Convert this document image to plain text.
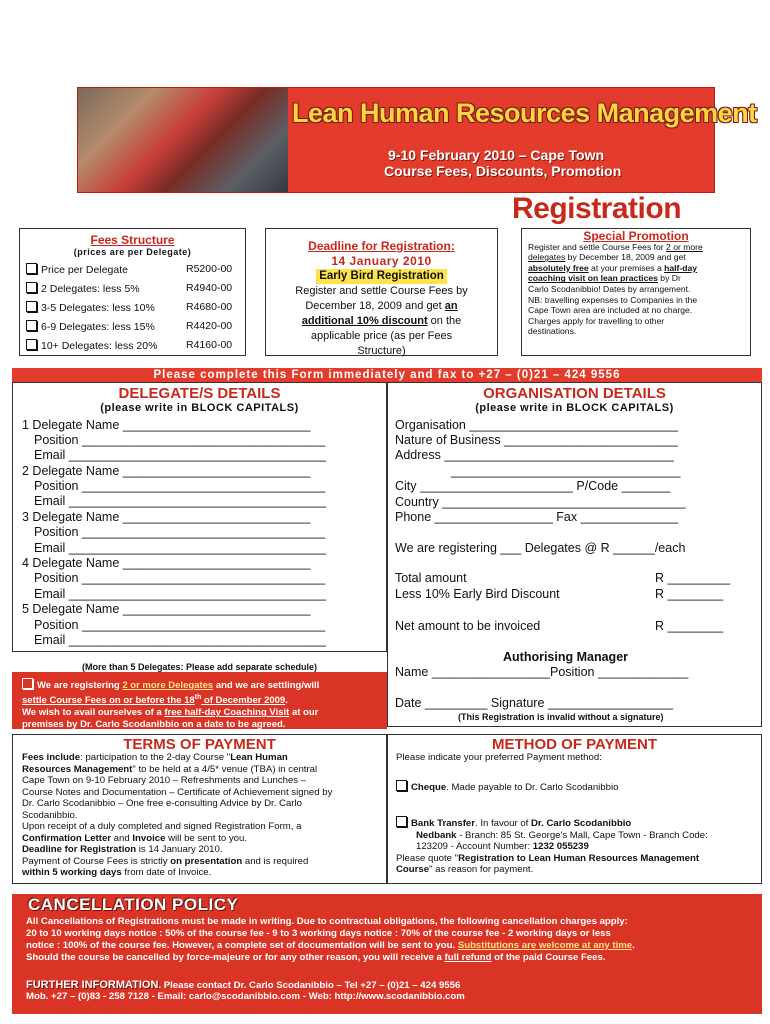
Lean Human Resources Management
9-10 February 2010 – Cape Town
Course Fees, Discounts, Promotion
Registration
Fees Structure
(prices are per Delegate)
Price per Delegate	R5200-00
2 Delegates: less 5%	R4940-00
3-5 Delegates: less 10%	R4680-00
6-9 Delegates: less 15%	R4420-00
10+ Delegates: less 20%	R4160-00
Deadline for Registration:
14 January 2010
Early Bird Registration
Register and settle Course Fees by
December 18, 2009 and get an
additional 10% discount on the
applicable price (as per Fees
Structure)
Special Promotion
Register and settle Course Fees for 2 or more
delegates by December 18, 2009 and get
absolutely free at your premises a half-day
coaching visit on lean practices by Dr
Carlo Scodanibbio! Dates by arrangement.
NB: travelling expenses to Companies in the
Cape Town area are included at no charge.
Charges apply for travelling to other
destinations.
Please complete this Form immediately and fax to +27 – (0)21 – 424 9556
DELEGATE/S DETAILS
(please write in BLOCK CAPITALS)
1 Delegate Name ___________________________
Position ___________________________________
Email _____________________________________
2 Delegate Name ___________________________
Position ___________________________________
Email _____________________________________
3 Delegate Name ___________________________
Position ___________________________________
Email _____________________________________
4 Delegate Name ___________________________
Position ___________________________________
Email _____________________________________
5 Delegate Name ___________________________
Position ___________________________________
Email _____________________________________
(More than 5 Delegates: Please add separate schedule)
We are registering 2 or more Delegates and we are settling/will
settle Course Fees on or before the 18th of December 2009.
We wish to avail ourselves of a free half-day Coaching Visit at our
premises by Dr. Carlo Scodanibbio on a date to be agreed.
ORGANISATION DETAILS
(please write in BLOCK CAPITALS)
Organisation ______________________________
Nature of Business _________________________
Address _________________________________
_________________________________
City ______________________ P/Code _______
Country ___________________________________
Phone _________________ Fax ______________
We are registering ___ Delegates @ R ______/each
Total amount	R _________
Less 10% Early Bird Discount	R ________
Net amount to be invoiced	R ________
Authorising Manager
Name _________________Position _____________
Date _________ Signature __________________
(This Registration is invalid without a signature)
TERMS OF PAYMENT
Fees include: participation to the 2-day Course "Lean Human
Resources Management" to be held at a 4/5* venue (TBA) in central
Cape Town on 9-10 February 2010 – Refreshments and Lunches –
Course Notes and Documentation – Certificate of Achievement signed by
Dr. Carlo Scodanibbio – One free e-consulting Advice by Dr. Carlo
Scodanibbio.
Upon receipt of a duly completed and signed Registration Form, a
Confirmation Letter and Invoice will be sent to you.
Deadline for Registration is 14 January 2010.
Payment of Course Fees is strictly on presentation and is required
within 5 working days from date of Invoice.
METHOD OF PAYMENT
Please indicate your preferred Payment method:
Cheque. Made payable to Dr. Carlo Scodanibbio
Bank Transfer. In favour of Dr. Carlo Scodanibbio
Nedbank - Branch: 85 St. George's Mall, Cape Town - Branch Code:
123209 - Account Number: 1232 055239
Please quote "Registration to Lean Human Resources Management
Course" as reason for payment.
CANCELLATION POLICY
All Cancellations of Registrations must be made in writing. Due to contractual obligations, the following cancellation charges apply:
20 to 10 working days notice : 50% of the course fee - 9 to 3 working days notice : 70% of the course fee - 2 working days or less
notice : 100% of the course fee. However, a complete set of documentation will be sent to you. Substitutions are welcome at any time.
Should the course be cancelled by force-majeure or for any other reason, you will receive a full refund of the paid Course Fees.
FURTHER INFORMATION. Please contact Dr. Carlo Scodanibbio – Tel +27 – (0)21 – 424 9556
Mob. +27 – (0)83 - 258 7128 - Email: carlo@scodanibbio.com - Web: http://www.scodanibbio.com
